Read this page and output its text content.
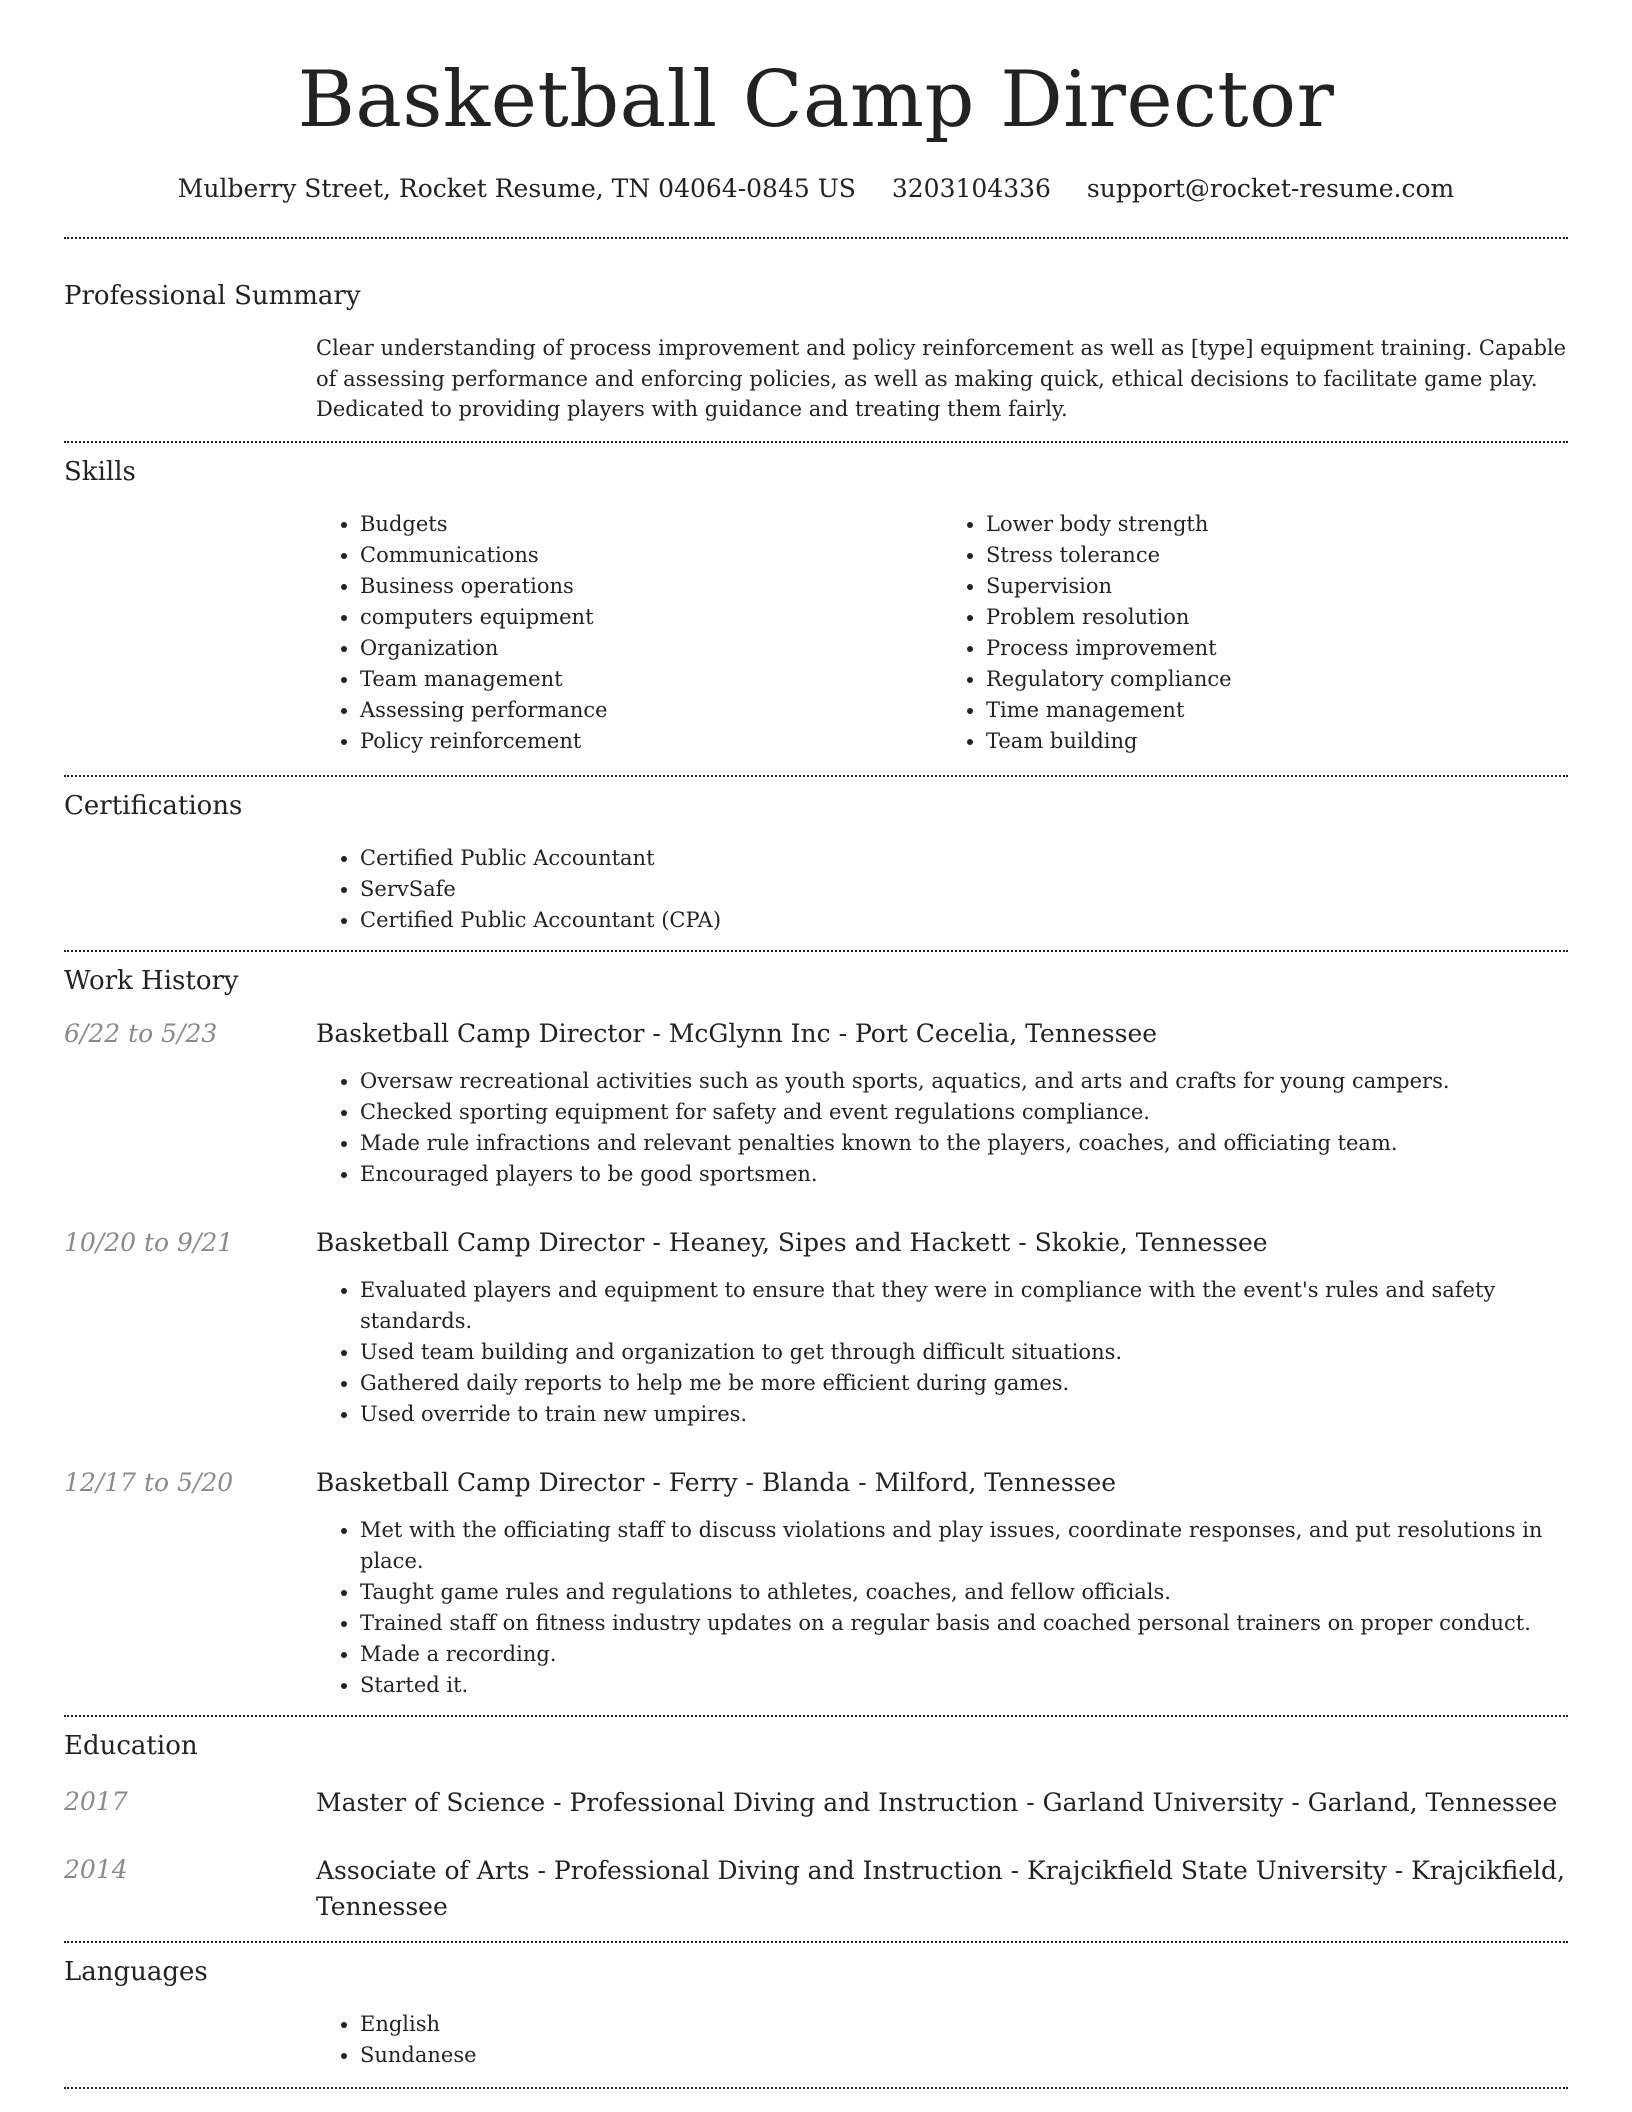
Basketball Camp Director
Mulberry Street, Rocket Resume, TN 04064-0845 US 3203104336 support@rocket-resume.com
Professional Summary
Clear understanding of process improvement and policy reinforcement as well as [type] equipment training. Capable of assessing performance and enforcing policies, as well as making quick, ethical decisions to facilitate game play. Dedicated to providing players with guidance and treating them fairly.
Skills
• Budgets
• Communications
• Business operations
• computers equipment
• Organization
• Team management
• Assessing performance
• Policy reinforcement
• Lower body strength
• Stress tolerance
• Supervision
• Problem resolution
• Process improvement
• Regulatory compliance
• Time management
• Team building
Certifications
• Certified Public Accountant
• ServSafe
• Certified Public Accountant (CPA)
Work History
6/22 to 5/23	Basketball Camp Director - McGlynn Inc - Port Cecelia, Tennessee
• Oversaw recreational activities such as youth sports, aquatics, and arts and crafts for young campers.
• Checked sporting equipment for safety and event regulations compliance.
• Made rule infractions and relevant penalties known to the players, coaches, and officiating team.
• Encouraged players to be good sportsmen.
10/20 to 9/21	Basketball Camp Director - Heaney, Sipes and Hackett - Skokie, Tennessee
• Evaluated players and equipment to ensure that they were in compliance with the event's rules and safety standards.
• Used team building and organization to get through difficult situations.
• Gathered daily reports to help me be more efficient during games.
• Used override to train new umpires.
12/17 to 5/20	Basketball Camp Director - Ferry - Blanda - Milford, Tennessee
• Met with the officiating staff to discuss violations and play issues, coordinate responses, and put resolutions in place.
• Taught game rules and regulations to athletes, coaches, and fellow officials.
• Trained staff on fitness industry updates on a regular basis and coached personal trainers on proper conduct.
• Made a recording.
• Started it.
Education
2017	Master of Science - Professional Diving and Instruction - Garland University - Garland, Tennessee
2014	Associate of Arts - Professional Diving and Instruction - Krajcikfield State University - Krajcikfield, Tennessee
Languages
• English
• Sundanese
